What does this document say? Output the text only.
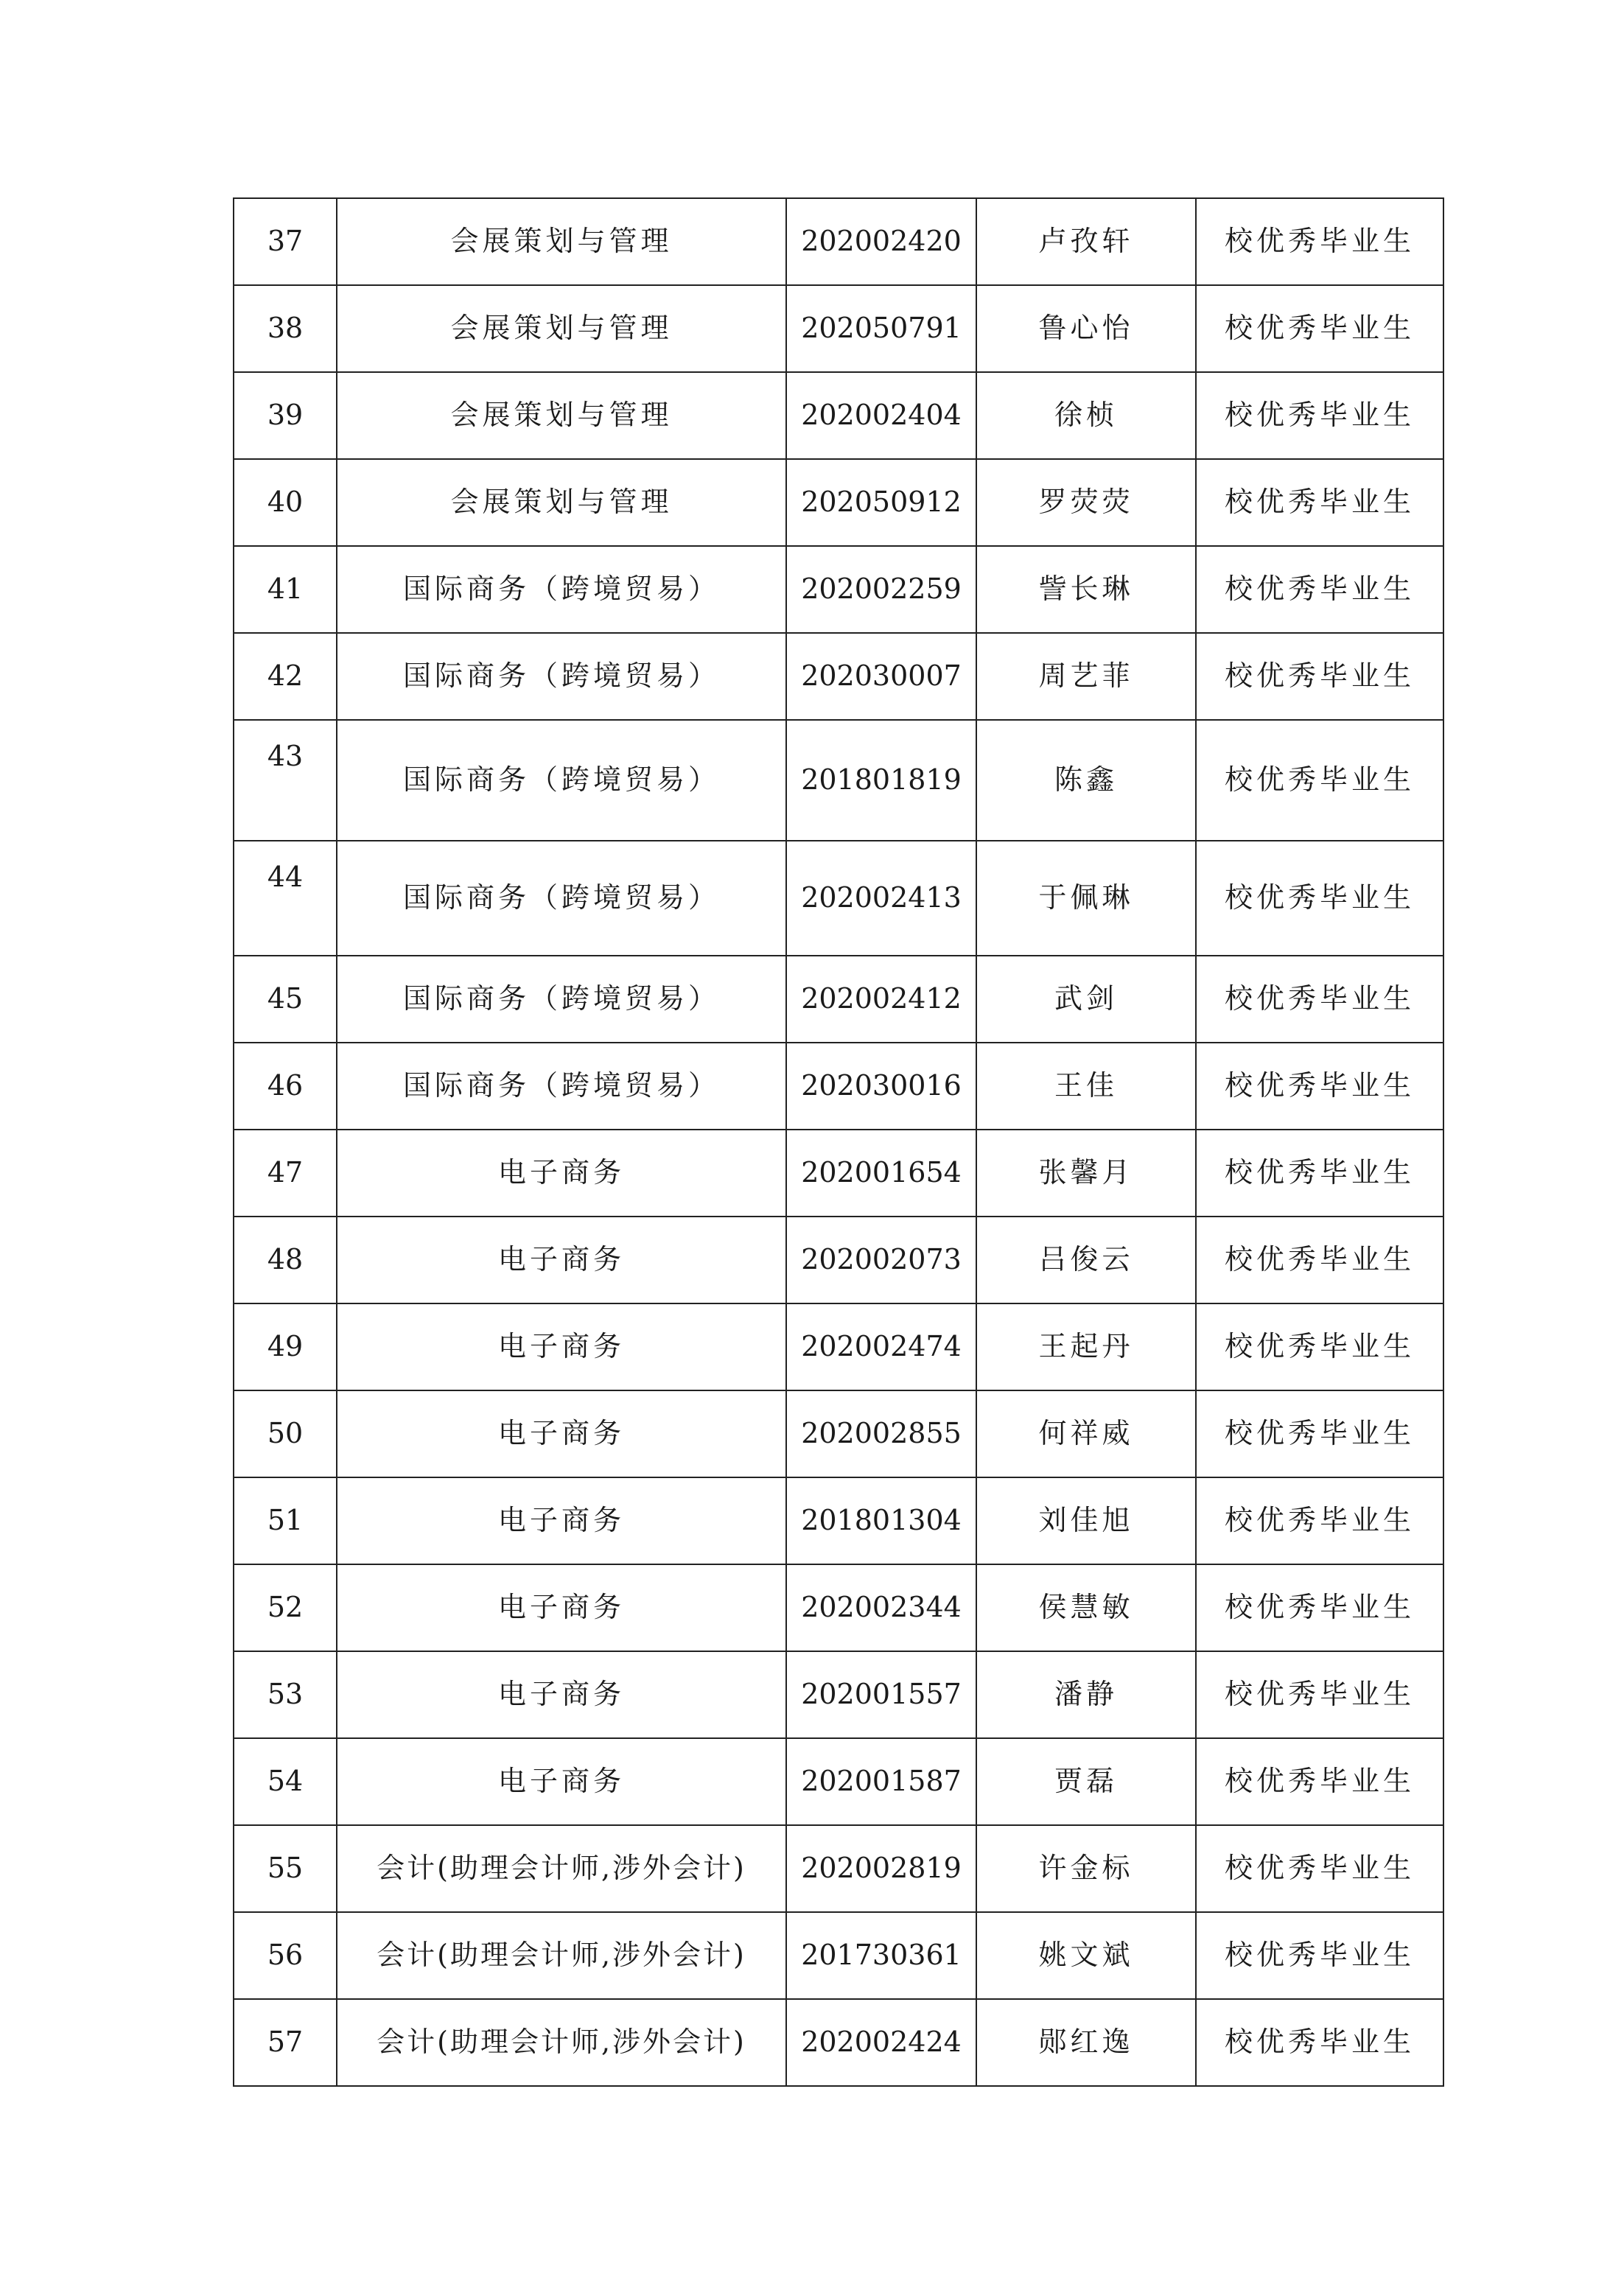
37	会展策划与管理	202002420	卢孜轩	校优秀毕业生
38	会展策划与管理	202050791	鲁心怡	校优秀毕业生
39	会展策划与管理	202002404	徐桢	校优秀毕业生
40	会展策划与管理	202050912	罗荧荧	校优秀毕业生
41	国际商务（跨境贸易）	202002259	訾长琳	校优秀毕业生
42	国际商务（跨境贸易）	202030007	周艺菲	校优秀毕业生
43	国际商务（跨境贸易）	201801819	陈鑫	校优秀毕业生
44	国际商务（跨境贸易）	202002413	于佩琳	校优秀毕业生
45	国际商务（跨境贸易）	202002412	武剑	校优秀毕业生
46	国际商务（跨境贸易）	202030016	王佳	校优秀毕业生
47	电子商务	202001654	张馨月	校优秀毕业生
48	电子商务	202002073	吕俊云	校优秀毕业生
49	电子商务	202002474	王起丹	校优秀毕业生
50	电子商务	202002855	何祥威	校优秀毕业生
51	电子商务	201801304	刘佳旭	校优秀毕业生
52	电子商务	202002344	侯慧敏	校优秀毕业生
53	电子商务	202001557	潘静	校优秀毕业生
54	电子商务	202001587	贾磊	校优秀毕业生
55	会计(助理会计师,涉外会计)	202002819	许金标	校优秀毕业生
56	会计(助理会计师,涉外会计)	201730361	姚文斌	校优秀毕业生
57	会计(助理会计师,涉外会计)	202002424	郧红逸	校优秀毕业生
